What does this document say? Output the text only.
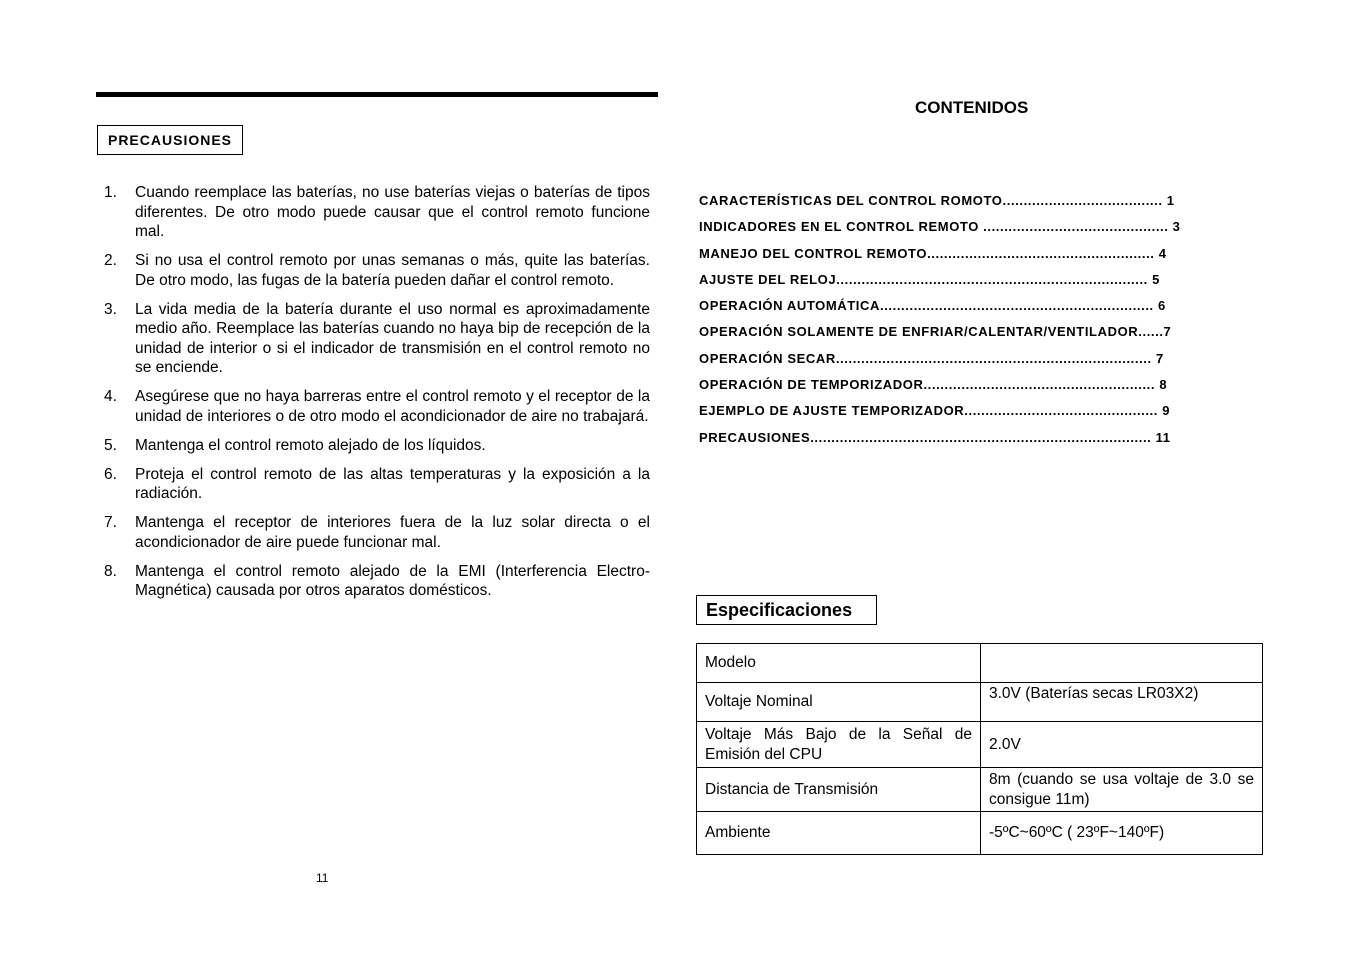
PRECAUSIONES
1. Cuando reemplace las baterías, no use baterías viejas o baterías de tipos diferentes. De otro modo puede causar que el control remoto funcione mal.
2. Si no usa el control remoto por unas semanas o más, quite las baterías. De otro modo, las fugas de la batería pueden dañar el control remoto.
3. La vida media de la batería durante el uso normal es aproximadamente medio año. Reemplace las baterías cuando no haya bip de recepción de la unidad de interior o si el indicador de transmisión en el control remoto no se enciende.
4. Asegúrese que no haya barreras entre el control remoto y el receptor de la unidad de interiores o de otro modo el acondicionador de aire no trabajará.
5. Mantenga el control remoto alejado de los líquidos.
6. Proteja el control remoto de las altas temperaturas y la exposición a la radiación.
7. Mantenga el receptor de interiores fuera de la luz solar directa o el acondicionador de aire puede funcionar mal.
8. Mantenga el control remoto alejado de la EMI (Interferencia Electro-Magnética) causada por otros aparatos domésticos.
11
CONTENIDOS
CARACTERÍSTICAS DEL CONTROL ROMOTO...................................... 1
INDICADORES EN EL CONTROL REMOTO ............................................ 3
MANEJO DEL CONTROL REMOTO...................................................... 4
AJUSTE DEL RELOJ.......................................................................... 5
OPERACIÓN AUTOMÁTICA................................................................. 6
OPERACIÓN SOLAMENTE DE ENFRIAR/CALENTAR/VENTILADOR......7
OPERACIÓN SECAR........................................................................... 7
OPERACIÓN DE TEMPORIZADOR....................................................... 8
EJEMPLO DE AJUSTE TEMPORIZADOR.............................................. 9
PRECAUSIONES................................................................................. 11
Especificaciones
Modelo	
Voltaje Nominal	3.0V (Baterías secas LR03X2)
Voltaje Más Bajo de la Señal de Emisión del CPU	2.0V
Distancia de Transmisión	8m (cuando se usa voltaje de 3.0 se consigue 11m)
Ambiente	-5ºC~60ºC ( 23ºF~140ºF)
